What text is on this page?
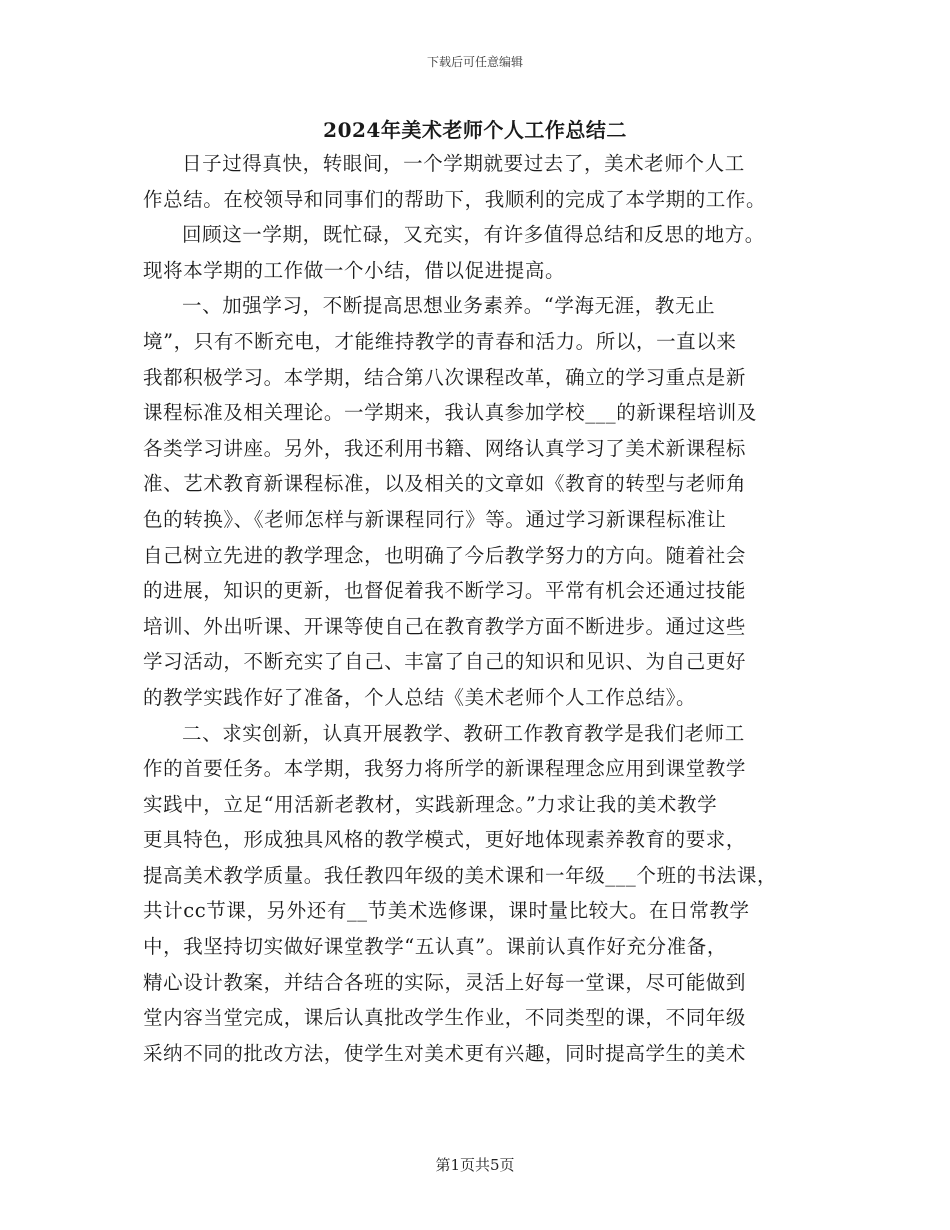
下载后可任意编辑
2024年美术老师个人工作总结二
日子过得真快，转眼间，一个学期就要过去了，美术老师个人工
作总结。在校领导和同事们的帮助下，我顺利的完成了本学期的工作。
回顾这一学期，既忙碌，又充实，有许多值得总结和反思的地方。
现将本学期的工作做一个小结，借以促进提高。
一、加强学习，不断提高思想业务素养。“学海无涯，教无止
境”，只有不断充电，才能维持教学的青春和活力。所以，一直以来
我都积极学习。本学期，结合第八次课程改革，确立的学习重点是新
课程标准及相关理论。一学期来，我认真参加学校___的新课程培训及
各类学习讲座。另外，我还利用书籍、网络认真学习了美术新课程标
准、艺术教育新课程标准，以及相关的文章如《教育的转型与老师角
色的转换》、《老师怎样与新课程同行》等。通过学习新课程标准让
自己树立先进的教学理念，也明确了今后教学努力的方向。随着社会
的进展，知识的更新，也督促着我不断学习。平常有机会还通过技能
培训、外出听课、开课等使自己在教育教学方面不断进步。通过这些
学习活动，不断充实了自己、丰富了自己的知识和见识、为自己更好
的教学实践作好了准备，个人总结《美术老师个人工作总结》。
二、求实创新，认真开展教学、教研工作教育教学是我们老师工
作的首要任务。本学期，我努力将所学的新课程理念应用到课堂教学
实践中，立足“用活新老教材，实践新理念。”力求让我的美术教学
更具特色，形成独具风格的教学模式，更好地体现素养教育的要求，
提高美术教学质量。我任教四年级的美术课和一年级___个班的书法课，
共计cc节课，另外还有__节美术选修课，课时量比较大。在日常教学
中，我坚持切实做好课堂教学“五认真”。课前认真作好充分准备，
精心设计教案，并结合各班的实际，灵活上好每一堂课，尽可能做到
堂内容当堂完成，课后认真批改学生作业，不同类型的课，不同年级
采纳不同的批改方法，使学生对美术更有兴趣，同时提高学生的美术
第1页共5页
